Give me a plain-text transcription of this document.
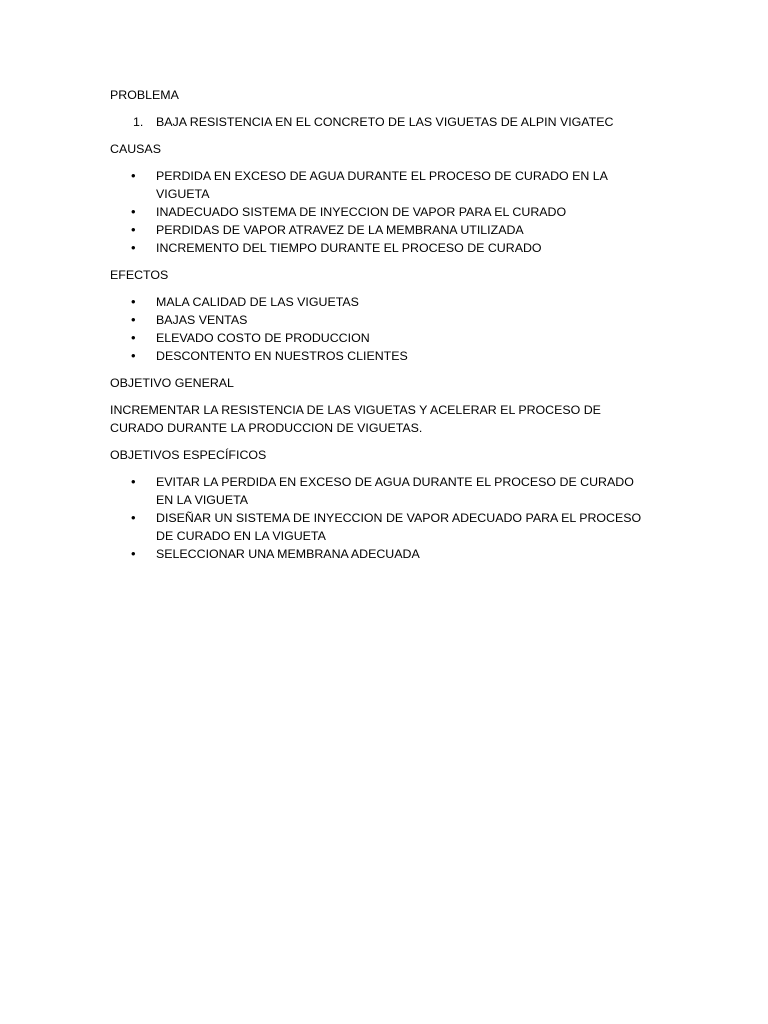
PROBLEMA

1.	BAJA RESISTENCIA EN EL CONCRETO DE LAS VIGUETAS DE ALPIN VIGATEC

CAUSAS

•	PERDIDA EN EXCESO DE AGUA DURANTE EL PROCESO DE CURADO EN LA VIGUETA
•	INADECUADO SISTEMA DE INYECCION DE VAPOR PARA EL CURADO
•	PERDIDAS DE VAPOR ATRAVEZ DE LA MEMBRANA UTILIZADA
•	INCREMENTO DEL TIEMPO DURANTE EL PROCESO DE CURADO

EFECTOS

•	MALA CALIDAD DE LAS VIGUETAS
•	BAJAS VENTAS
•	ELEVADO COSTO DE PRODUCCION
•	DESCONTENTO EN NUESTROS CLIENTES

OBJETIVO GENERAL

INCREMENTAR LA RESISTENCIA DE LAS VIGUETAS Y ACELERAR EL PROCESO DE CURADO DURANTE LA PRODUCCION DE VIGUETAS.

OBJETIVOS ESPECÍFICOS

•	EVITAR LA PERDIDA EN EXCESO DE AGUA DURANTE EL PROCESO DE CURADO EN LA VIGUETA
•	DISEÑAR UN SISTEMA DE INYECCION DE VAPOR ADECUADO PARA EL PROCESO DE CURADO EN LA VIGUETA
•	SELECCIONAR UNA MEMBRANA ADECUADA
